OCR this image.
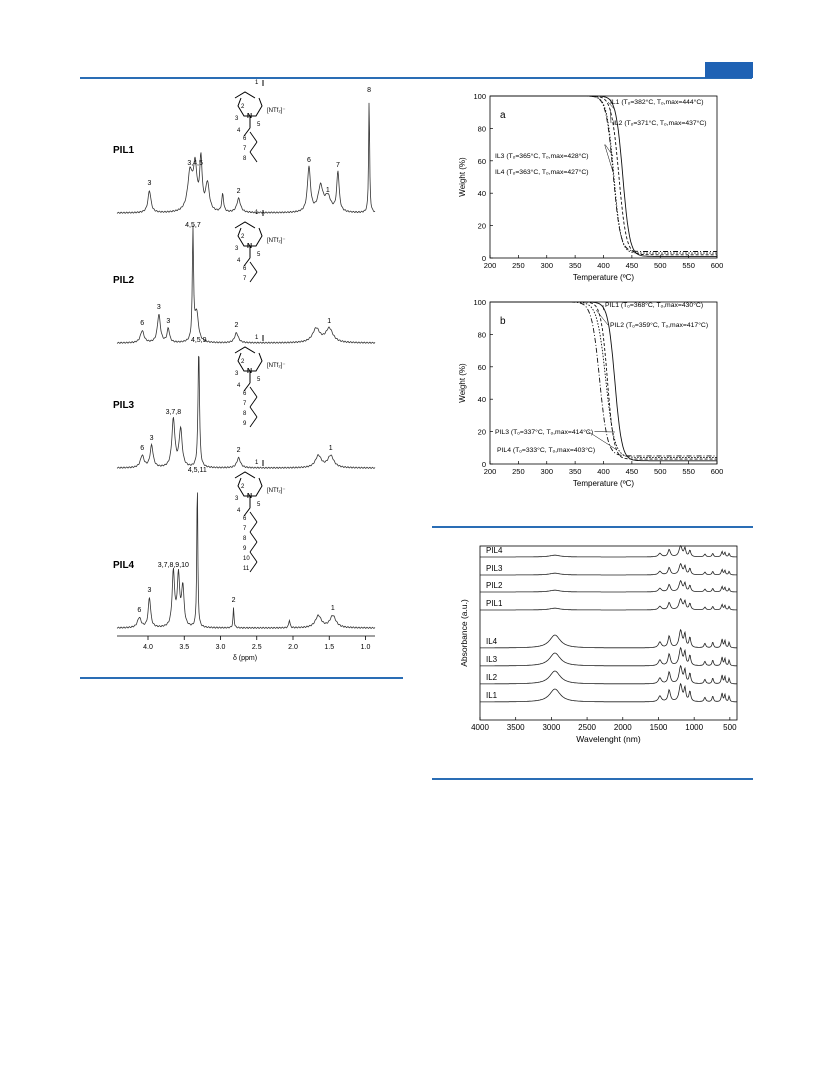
PIL1
3
3,4,5
2
6
1
7
8
6
7
8
1
2
3 N
4
5
[NTf₂]⁻
PIL2
6
3
3
4,5,7
2
1
6
7
1
2
3 N
4
5
[NTf₂]⁻
PIL3
6
3
3,7,8
4,5,9
2	1
6
7
8
9
1
2
3 N
4
5
[NTf₂]⁻
PIL4
6
3
3,7,8,9,10
4,5,11
2
1
6
7
8
9
10
11
1
2
3 N
4
5
[NTf₂]⁻
4.0	3.5	3.0	2.5	2.0	1.5	1.0
δ (ppm)
200 250 300 350 400 450 500 550 600
0
20
40
60
80
100
Temperature (ºC)
Weight (%)
a
IL1 (Tₒ=382°C, Tₒ,max=444°C)
IL2 (Tₒ=371°C, Tₒ,max=437°C)
IL3 (Tₒ=365°C, Tₒ,max=428°C)
IL4 (Tₒ=363°C, Tₒ,max=427°C)
200 250 300 350 400 450 500 550 600
0
20
40
60
80
100
Temperature (ºC)
Weight (%)
b
PIL1 (Tₒ=368°C, Tₒ,max=430°C)
PIL2 (Tₒ=359°C, Tₒ,max=417°C)
PIL3 (Tₒ=337°C, Tₒ,max=414°C)
PIL4 (Tₒ=333°C, Tₒ,max=403°C)
4000 3500 3000 2500 2000 1500 1000	500
Wavelenght (nm)
Absorbance (a.u.)
PIL4
PIL3
PIL2
PIL1
IL4
IL3
IL2
IL1
